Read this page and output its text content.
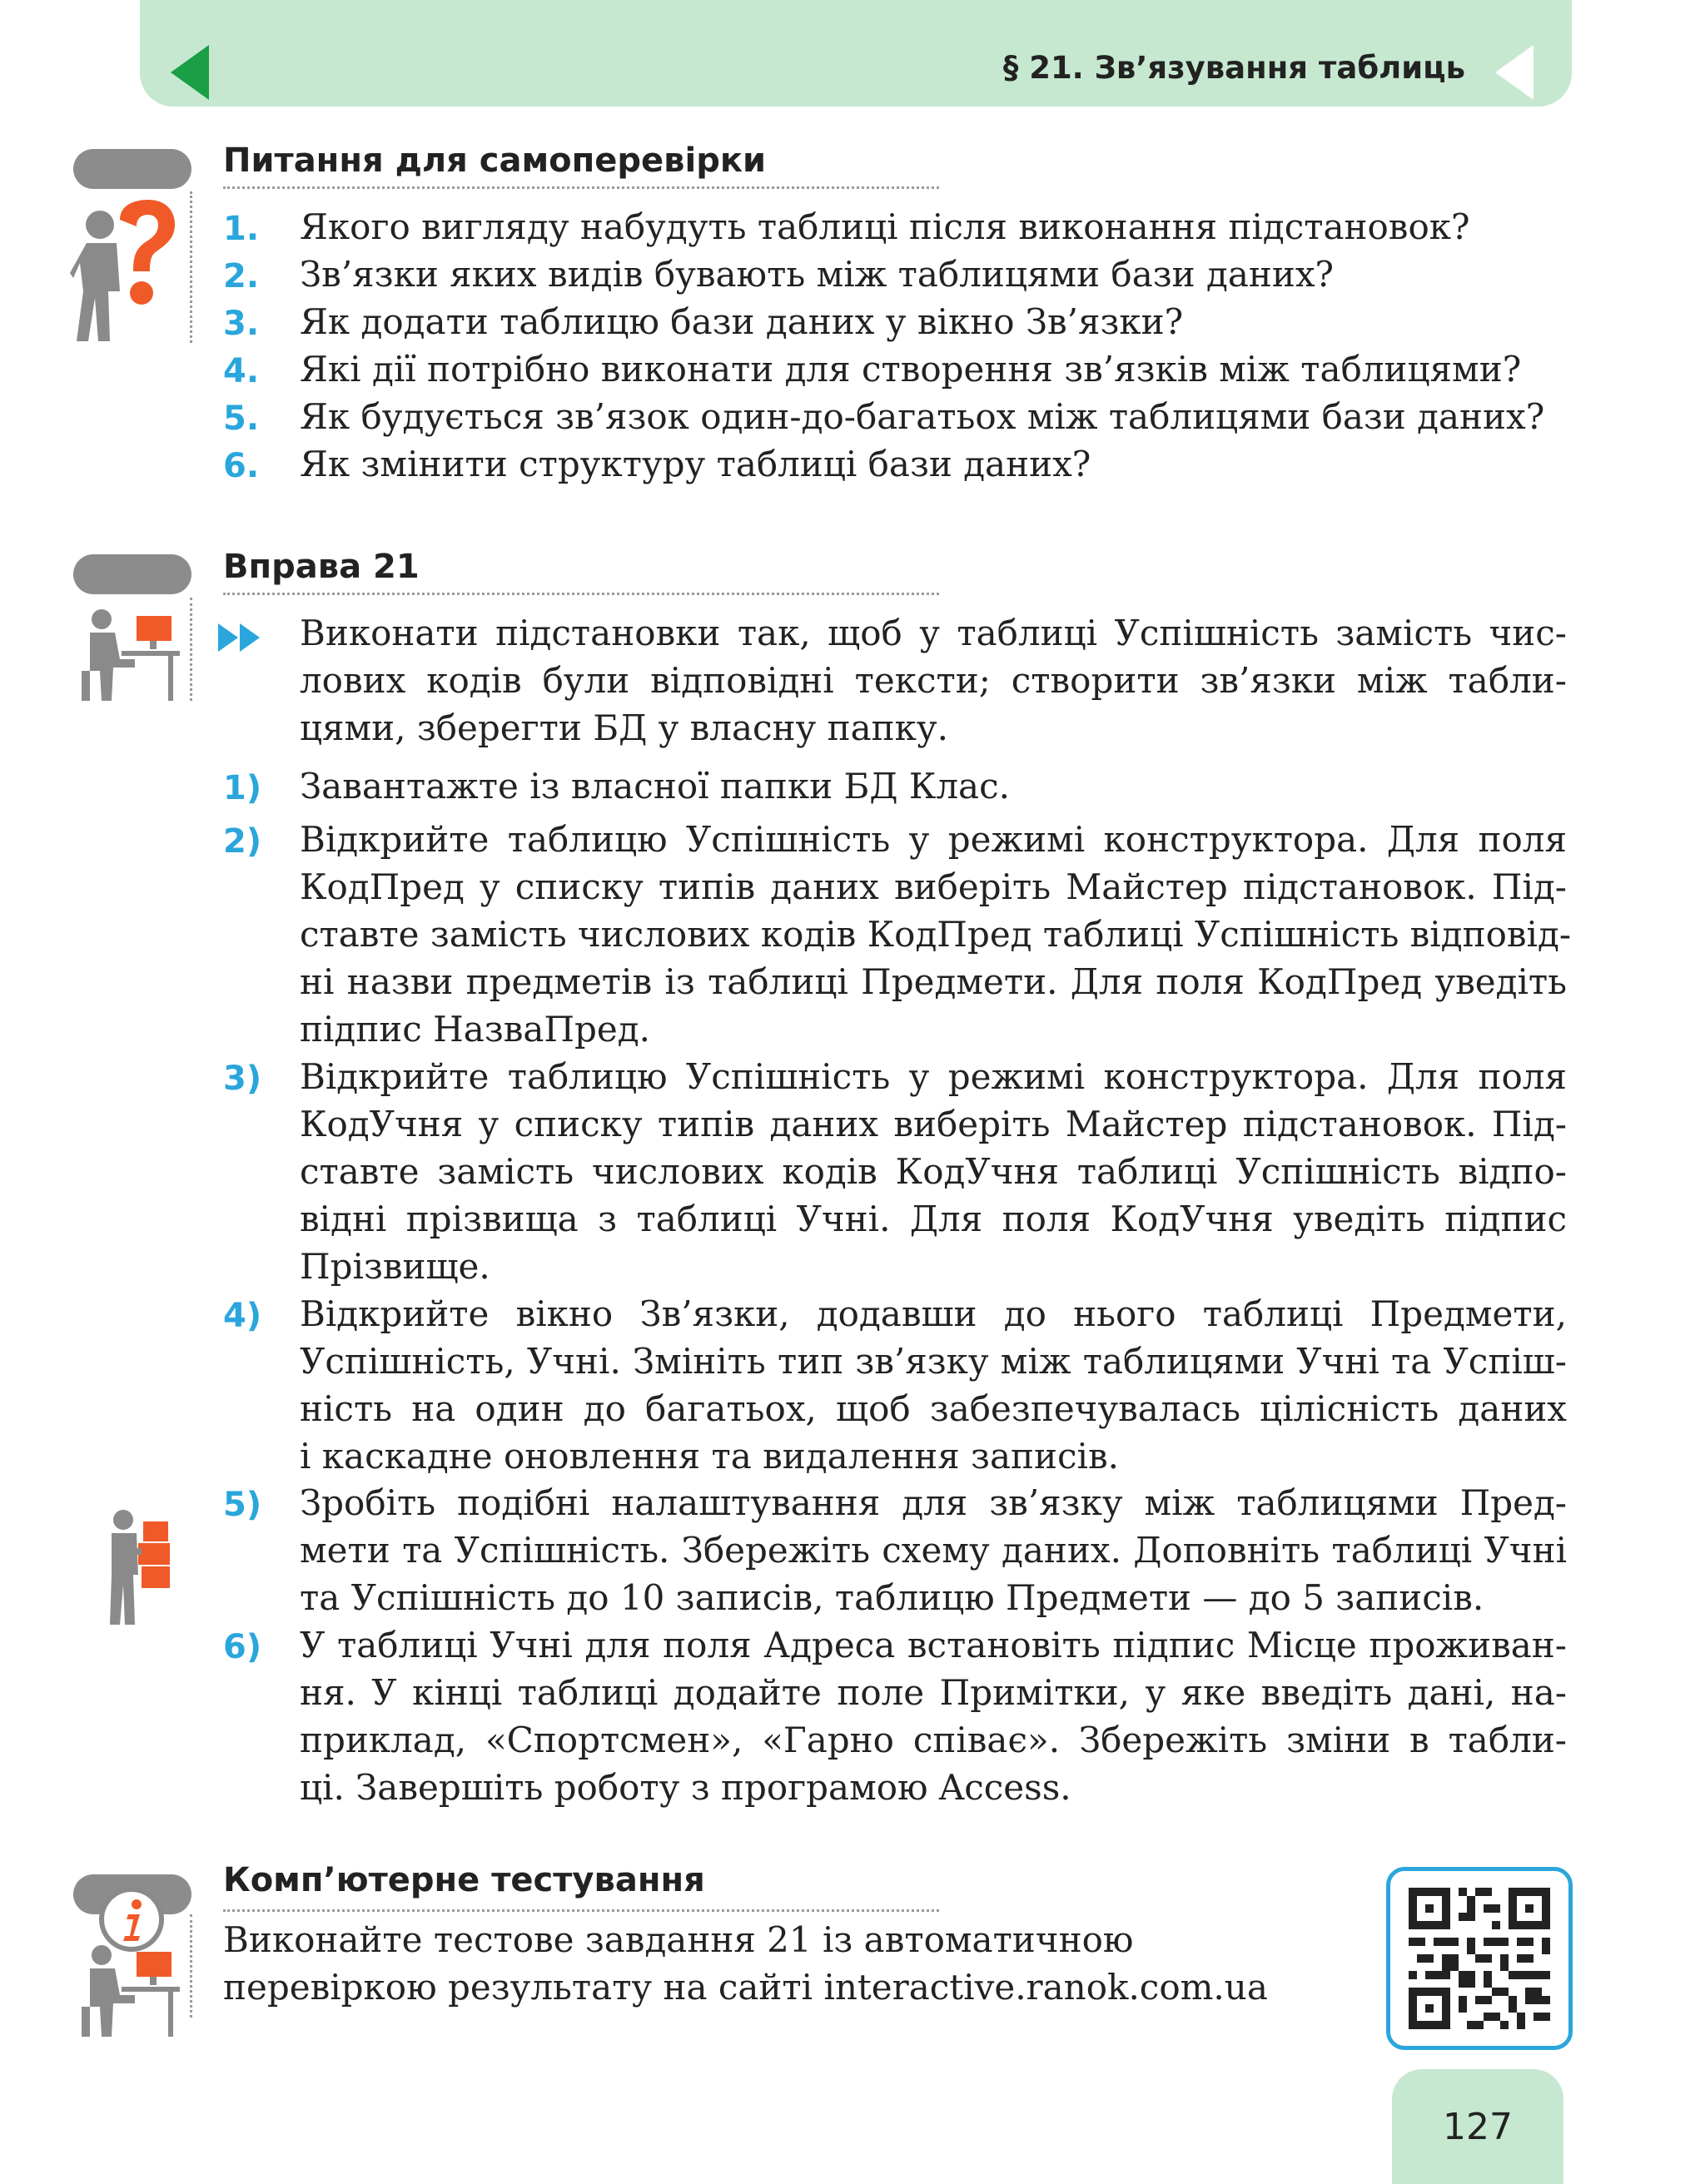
§ 21. Зв’язування таблиць
Питання для самоперевірки
1. Якого вигляду набудуть таблиці після виконання підстановок?
2. Зв’язки яких видів бувають між таблицями бази даних?
3. Як додати таблицю бази даних у вікно Зв’язки?
4. Які дії потрібно виконати для створення зв’язків між таблицями?
5. Як будується зв’язок один-до-багатьох між таблицями бази даних?
6. Як змінити структуру таблиці бази даних?
Вправа 21
Виконати підстановки так, щоб у таблиці Успішність замість чис-
лових кодів були відповідні тексти; створити зв’язки між табли-
цями, зберегти БД у власну папку.
1) Завантажте із власної папки БД Клас.
2) Відкрийте таблицю Успішність у режимі конструктора. Для поля
КодПред у списку типів даних виберіть Майстер підстановок. Під-
ставте замість числових кодів КодПред таблиці Успішність відповід-
ні назви предметів із таблиці Предмети. Для поля КодПред уведіть
підпис НазваПред.
3) Відкрийте таблицю Успішність у режимі конструктора. Для поля
КодУчня у списку типів даних виберіть Майстер підстановок. Під-
ставте замість числових кодів КодУчня таблиці Успішність відпо-
відні прізвища з таблиці Учні. Для поля КодУчня уведіть підпис
Прізвище.
4) Відкрийте вікно Зв’язки, додавши до нього таблиці Предмети,
Успішність, Учні. Змініть тип зв’язку між таблицями Учні та Успіш-
ність на один до багатьох, щоб забезпечувалась цілісність даних
і каскадне оновлення та видалення записів.
5) Зробіть подібні налаштування для зв’язку між таблицями Пред-
мети та Успішність. Збережіть схему даних. Доповніть таблиці Учні
та Успішність до 10 записів, таблицю Предмети — до 5 записів.
6) У таблиці Учні для поля Адреса встановіть підпис Місце проживан-
ня. У кінці таблиці додайте поле Примітки, у яке введіть дані, на-
приклад, «Спортсмен», «Гарно співає». Збережіть зміни в табли-
ці. Завершіть роботу з програмою Access.
Комп’ютерне тестування
Виконайте тестове завдання 21 із автоматичною
перевіркою результату на сайті interactive.ranok.com.ua
127
